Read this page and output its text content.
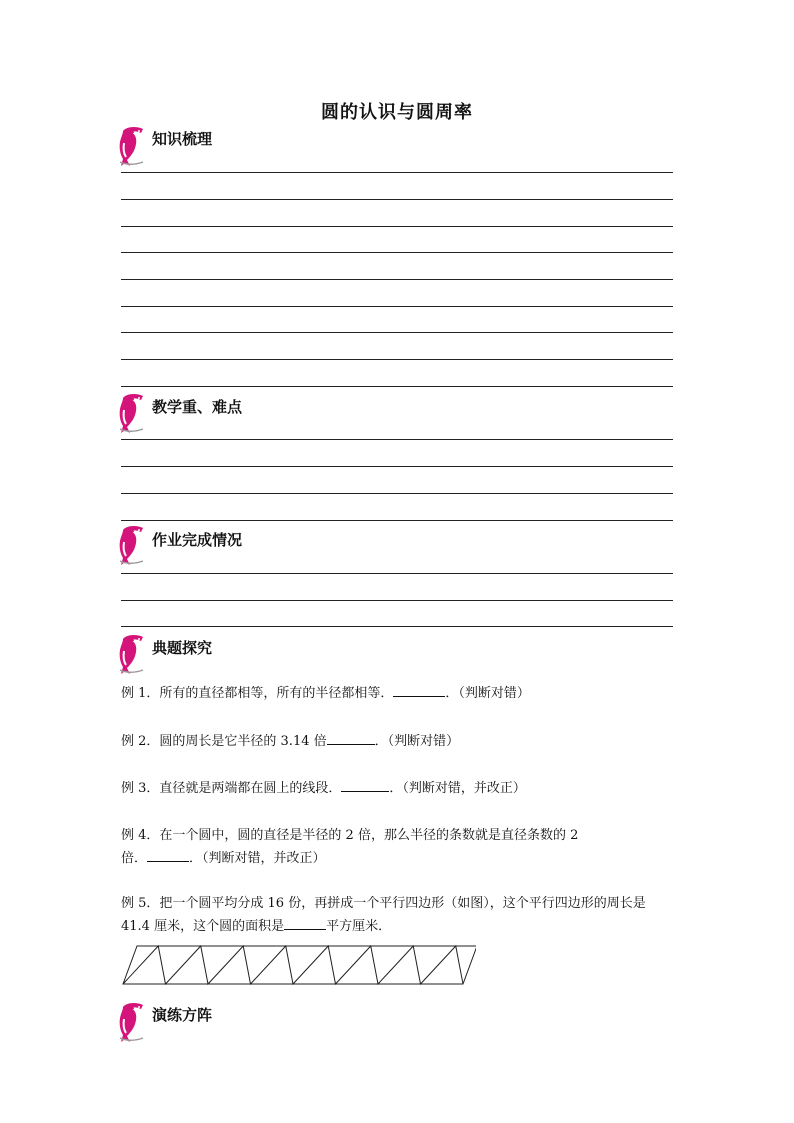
圆的认识与圆周率
知识梳理
教学重、难点
作业完成情况
典题探究
例 1．所有的直径都相等，所有的半径都相等．	．（判断对错）
例 2．圆的周长是它半径的 3.14 倍	．（判断对错）
例 3．直径就是两端都在圆上的线段．	．（判断对错，并改正）
例 4．在一个圆中，圆的直径是半径的 2 倍，那么半径的条数就是直径条数的 2
倍．	．（判断对错，并改正）
例 5．把一个圆平均分成 16 份，再拼成一个平行四边形（如图），这个平行四边形的周长是
41.4 厘米，这个圆的面积是	平方厘米．
演练方阵
